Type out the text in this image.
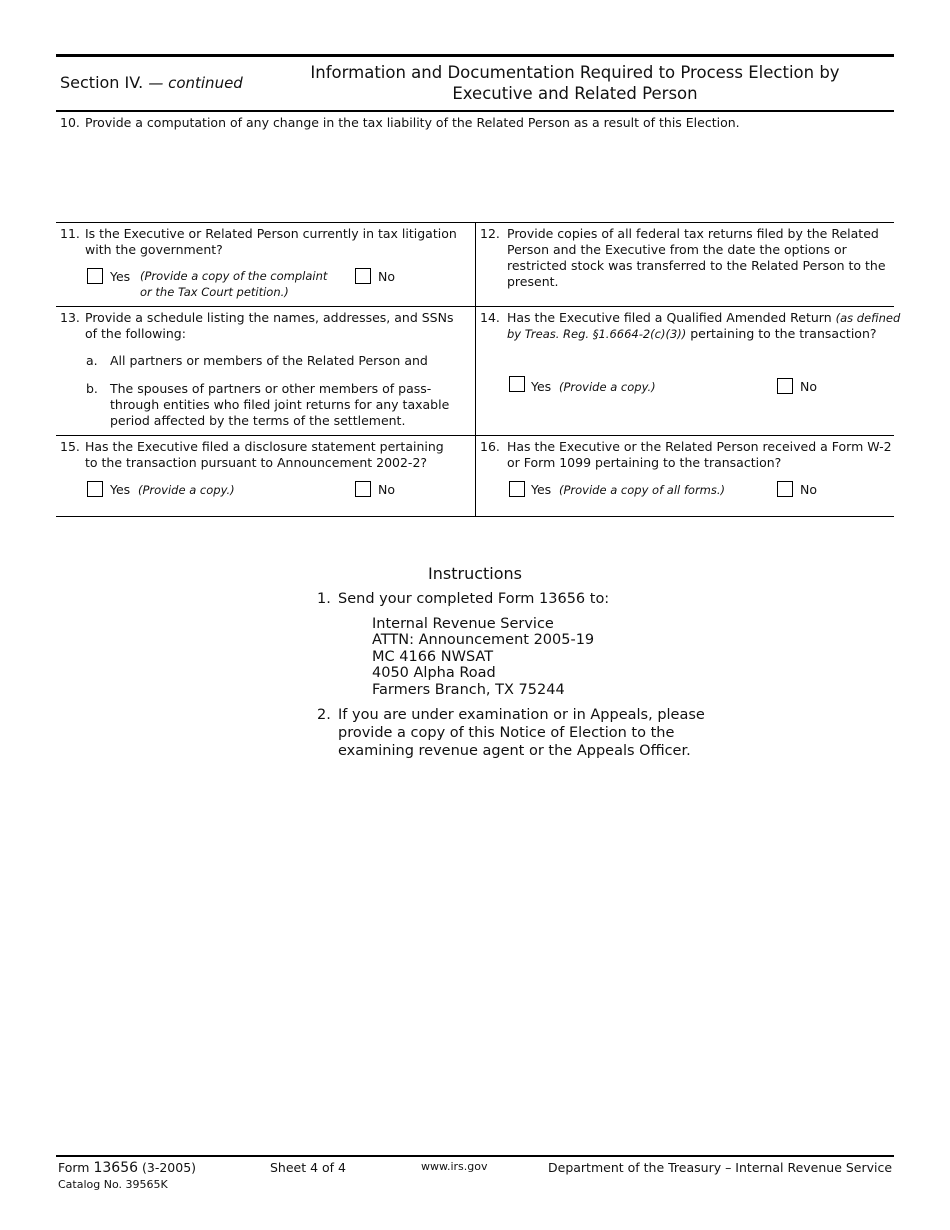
Section IV. — continued
Information and Documentation Required to Process Election by
Executive and Related Person
10. Provide a computation of any change in the tax liability of the Related Person as a result of this Election.
11. Is the Executive or Related Person currently in tax litigation
with the government?
Yes (Provide a copy of the complaint
or the Tax Court petition.)
No
12. Provide copies of all federal tax returns filed by the Related
Person and the Executive from the date the options or
restricted stock was transferred to the Related Person to the
present.
13. Provide a schedule listing the names, addresses, and SSNs
of the following:
a. All partners or members of the Related Person and
b. The spouses of partners or other members of pass-
through entities who filed joint returns for any taxable
period affected by the terms of the settlement.
14. Has the Executive filed a Qualified Amended Return (as defined
by Treas. Reg. §1.6664-2(c)(3)) pertaining to the transaction?
Yes (Provide a copy.)	No
15. Has the Executive filed a disclosure statement pertaining
to the transaction pursuant to Announcement 2002-2?
Yes (Provide a copy.)	No
16. Has the Executive or the Related Person received a Form W-2
or Form 1099 pertaining to the transaction?
Yes (Provide a copy of all forms.)	No
Instructions
1. Send your completed Form 13656 to:
Internal Revenue Service
ATTN: Announcement 2005-19
MC 4166 NWSAT
4050 Alpha Road
Farmers Branch, TX 75244
2. If you are under examination or in Appeals, please
provide a copy of this Notice of Election to the
examining revenue agent or the Appeals Officer.
Form 13656 (3-2005)
Catalog No. 39565K
Sheet 4 of 4	www.irs.gov	Department of the Treasury – Internal Revenue Service
